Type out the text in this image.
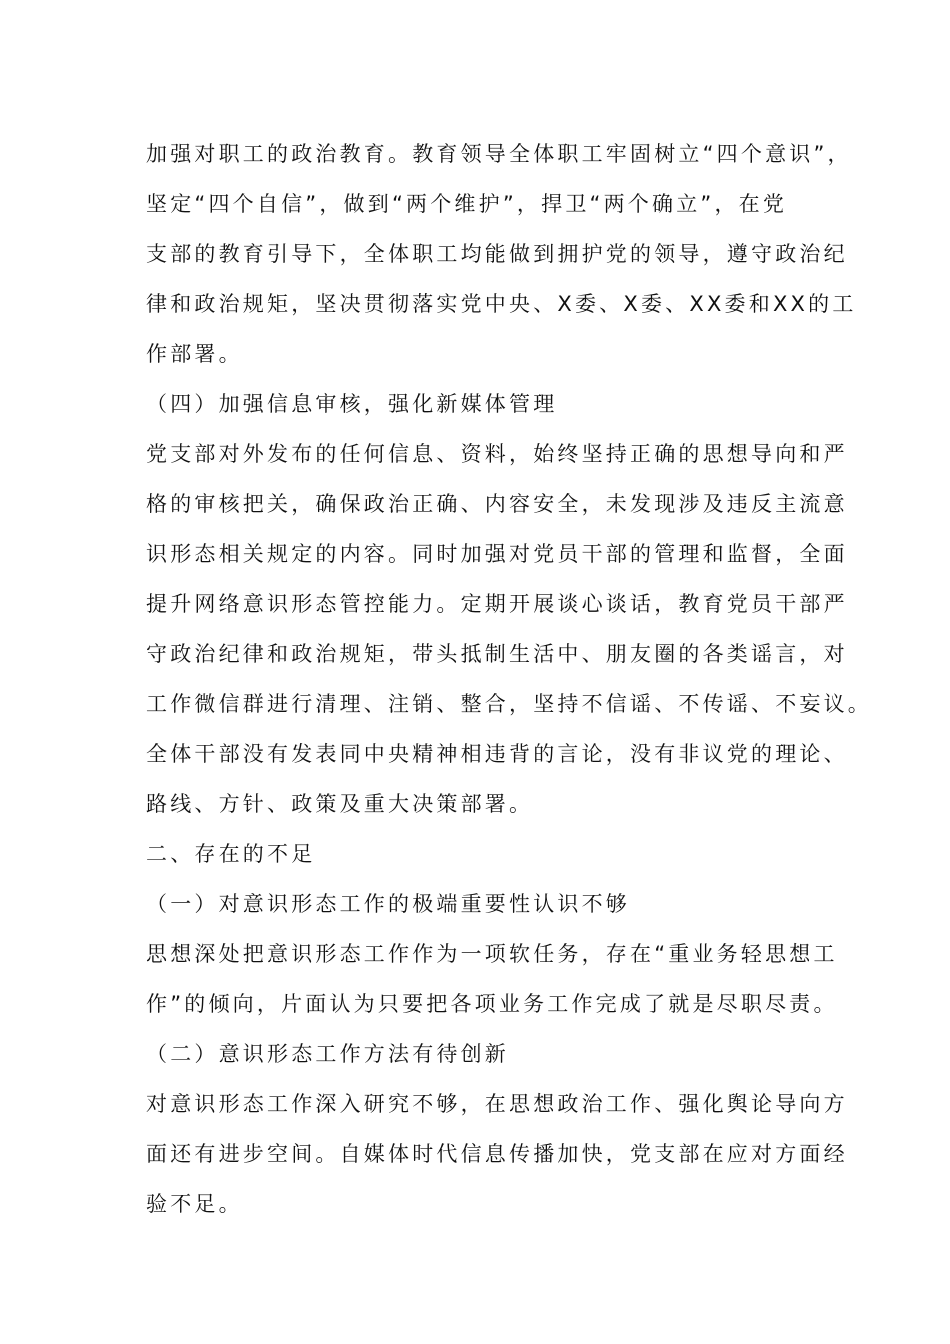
加强对职工的政治教育。教育领导全体职工牢固树立“四个意识”，
坚定“四个自信”，做到“两个维护”，捍卫“两个确立”，在党
支部的教育引导下，全体职工均能做到拥护党的领导，遵守政治纪
律和政治规矩，坚决贯彻落实党中央、X委、X委、XX委和XX的工
作部署。
（四）加强信息审核，强化新媒体管理
党支部对外发布的任何信息、资料，始终坚持正确的思想导向和严
格的审核把关，确保政治正确、内容安全，未发现涉及违反主流意
识形态相关规定的内容。同时加强对党员干部的管理和监督，全面
提升网络意识形态管控能力。定期开展谈心谈话，教育党员干部严
守政治纪律和政治规矩，带头抵制生活中、朋友圈的各类谣言，对
工作微信群进行清理、注销、整合，坚持不信谣、不传谣、不妄议。
全体干部没有发表同中央精神相违背的言论，没有非议党的理论、
路线、方针、政策及重大决策部署。
二、存在的不足
（一）对意识形态工作的极端重要性认识不够
思想深处把意识形态工作作为一项软任务，存在“重业务轻思想工
作”的倾向，片面认为只要把各项业务工作完成了就是尽职尽责。
（二）意识形态工作方法有待创新
对意识形态工作深入研究不够，在思想政治工作、强化舆论导向方
面还有进步空间。自媒体时代信息传播加快，党支部在应对方面经
验不足。
